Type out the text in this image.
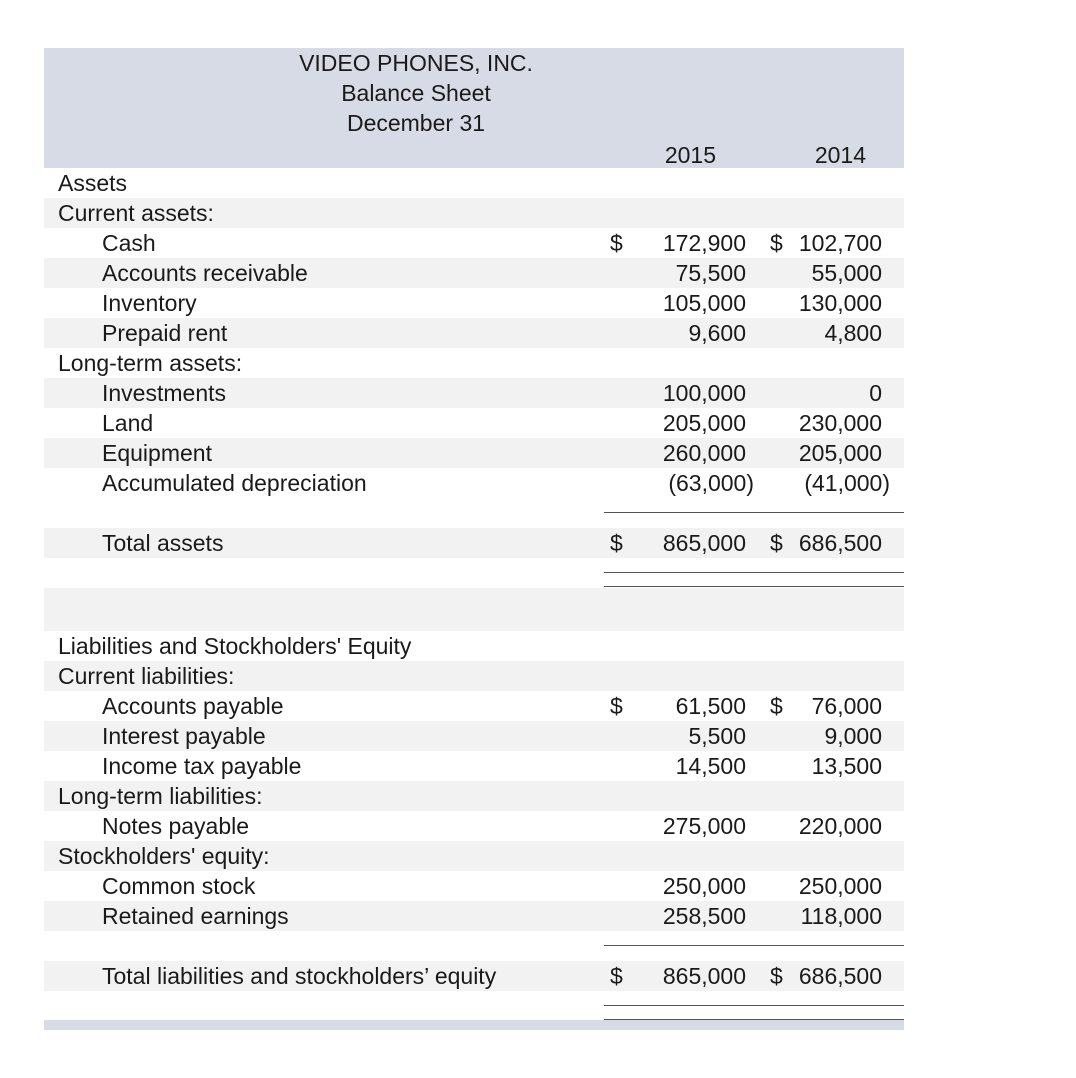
VIDEO PHONES, INC.
Balance Sheet
December 31
2015	2014
Assets
Current assets:
Cash	$ 172,900 $ 102,700
Accounts receivable	75,500	55,000
Inventory	105,000 130,000
Prepaid rent	9,600	4,800
Long-term assets:
Investments	100,000	0
Land	205,000 230,000
Equipment	260,000 205,000
Accumulated depreciation	(63,000) (41,000)
Total assets	$ 865,000 $ 686,500
Liabilities and Stockholders' Equity
Current liabilities:
Accounts payable	$ 61,500 $ 76,000
Interest payable	5,500	9,000
Income tax payable	14,500	13,500
Long-term liabilities:
Notes payable	275,000 220,000
Stockholders' equity:
Common stock	250,000 250,000
Retained earnings	258,500 118,000
Total liabilities and stockholders’ equity	$ 865,000 $ 686,500
